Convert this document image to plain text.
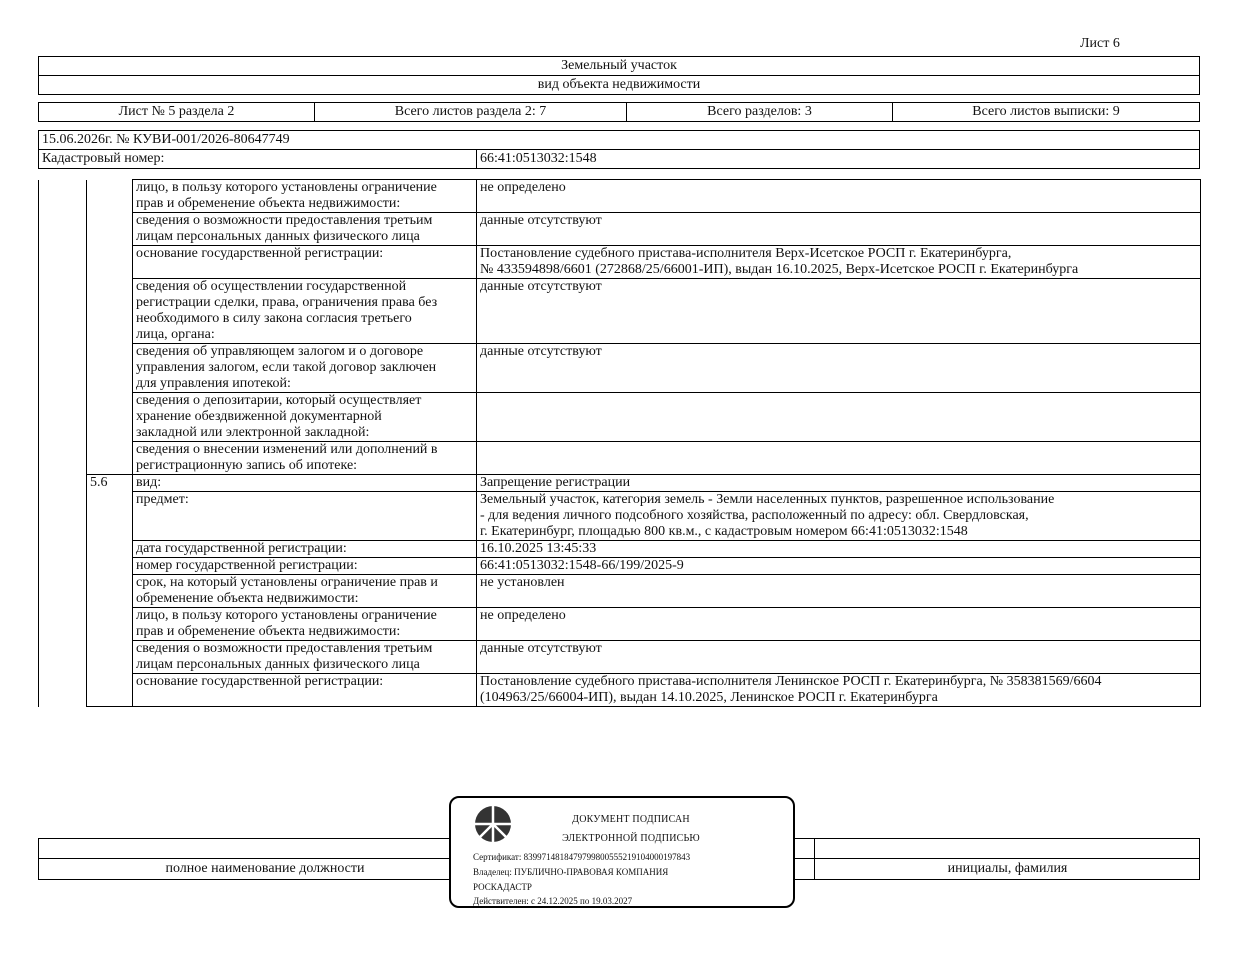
Лист 6
Земельный участок
вид объекта недвижимости
Лист № 5 раздела 2	Всего листов раздела 2: 7	Всего разделов: 3	Всего листов выписки: 9
15.06.2026г. № КУВИ-001/2026-80647749
Кадастровый номер:	66:41:0513032:1548
		лицо, в пользу которого установлены ограничение
прав и обременение объекта недвижимости:	не определено
		сведения о возможности предоставления третьим
лицам персональных данных физического лица	данные отсутствуют
		основание государственной регистрации:	Постановление судебного пристава-исполнителя Верх-Исетское РОСП г. Екатеринбурга,
№ 433594898/6601 (272868/25/66001-ИП), выдан 16.10.2025, Верх-Исетское РОСП г. Екатеринбурга
		сведения об осуществлении государственной
регистрации сделки, права, ограничения права без
необходимого в силу закона согласия третьего
лица, органа:	данные отсутствуют
		сведения об управляющем залогом и о договоре
управления залогом, если такой договор заключен
для управления ипотекой:	данные отсутствуют
		сведения о депозитарии, который осуществляет
хранение обездвиженной документарной
закладной или электронной закладной:	
		сведения о внесении изменений или дополнений в
регистрационную запись об ипотеке:	
	5.6	вид:	Запрещение регистрации
		предмет:	Земельный участок, категория земель - Земли населенных пунктов, разрешенное использование
- для ведения личного подсобного хозяйства, расположенный по адресу: обл. Свердловская,
г. Екатеринбург, площадью 800 кв.м., с кадастровым номером 66:41:0513032:1548
		дата государственной регистрации:	16.10.2025 13:45:33
		номер государственной регистрации:	66:41:0513032:1548-66/199/2025-9
		срок, на который установлены ограничение прав и
обременение объекта недвижимости:	не установлен
		лицо, в пользу которого установлены ограничение
прав и обременение объекта недвижимости:	не определено
		сведения о возможности предоставления третьим
лицам персональных данных физического лица	данные отсутствуют
		основание государственной регистрации:	Постановление судебного пристава-исполнителя Ленинское РОСП г. Екатеринбурга, № 358381569/6604
(104963/25/66004-ИП), выдан 14.10.2025, Ленинское РОСП г. Екатеринбурга
полное наименование должности	инициалы, фамилия
ДОКУМЕНТ ПОДПИСАН
ЭЛЕКТРОННОЙ ПОДПИСЬЮ
Сертификат: 8399714818479799800555219104000197843
Владелец: ПУБЛИЧНО-ПРАВОВАЯ КОМПАНИЯ
РОСКАДАСТР
Действителен: с 24.12.2025 по 19.03.2027
